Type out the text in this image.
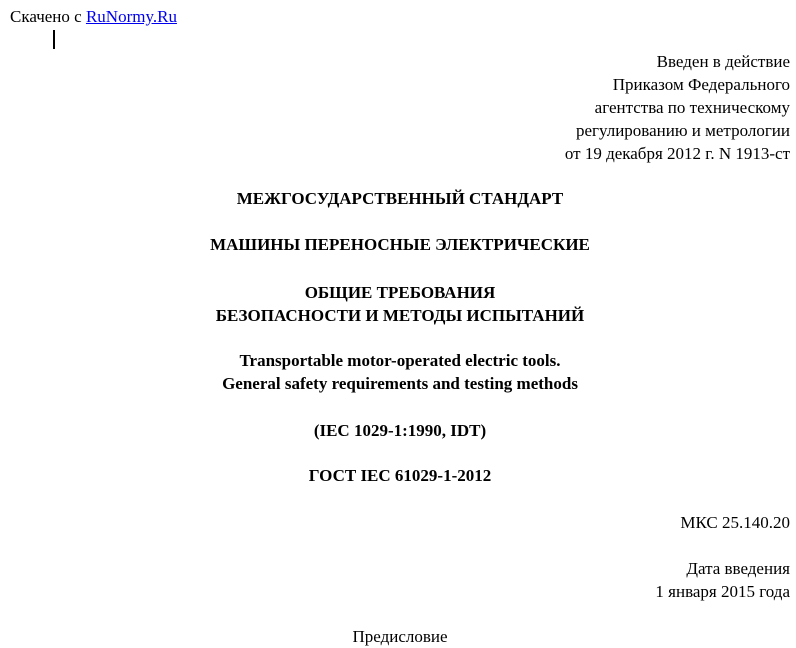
Скачено с RuNormy.Ru
Введен в действие
Приказом Федерального
агентства по техническому
регулированию и метрологии
от 19 декабря 2012 г. N 1913-ст
МЕЖГОСУДАРСТВЕННЫЙ СТАНДАРТ
МАШИНЫ ПЕРЕНОСНЫЕ ЭЛЕКТРИЧЕСКИЕ
ОБЩИЕ ТРЕБОВАНИЯ
БЕЗОПАСНОСТИ И МЕТОДЫ ИСПЫТАНИЙ
Transportable motor-operated electric tools.
General safety requirements and testing methods
(IEC 1029-1:1990, IDT)
ГОСТ IEC 61029-1-2012
МКС 25.140.20
Дата введения
1 января 2015 года
Предисловие
